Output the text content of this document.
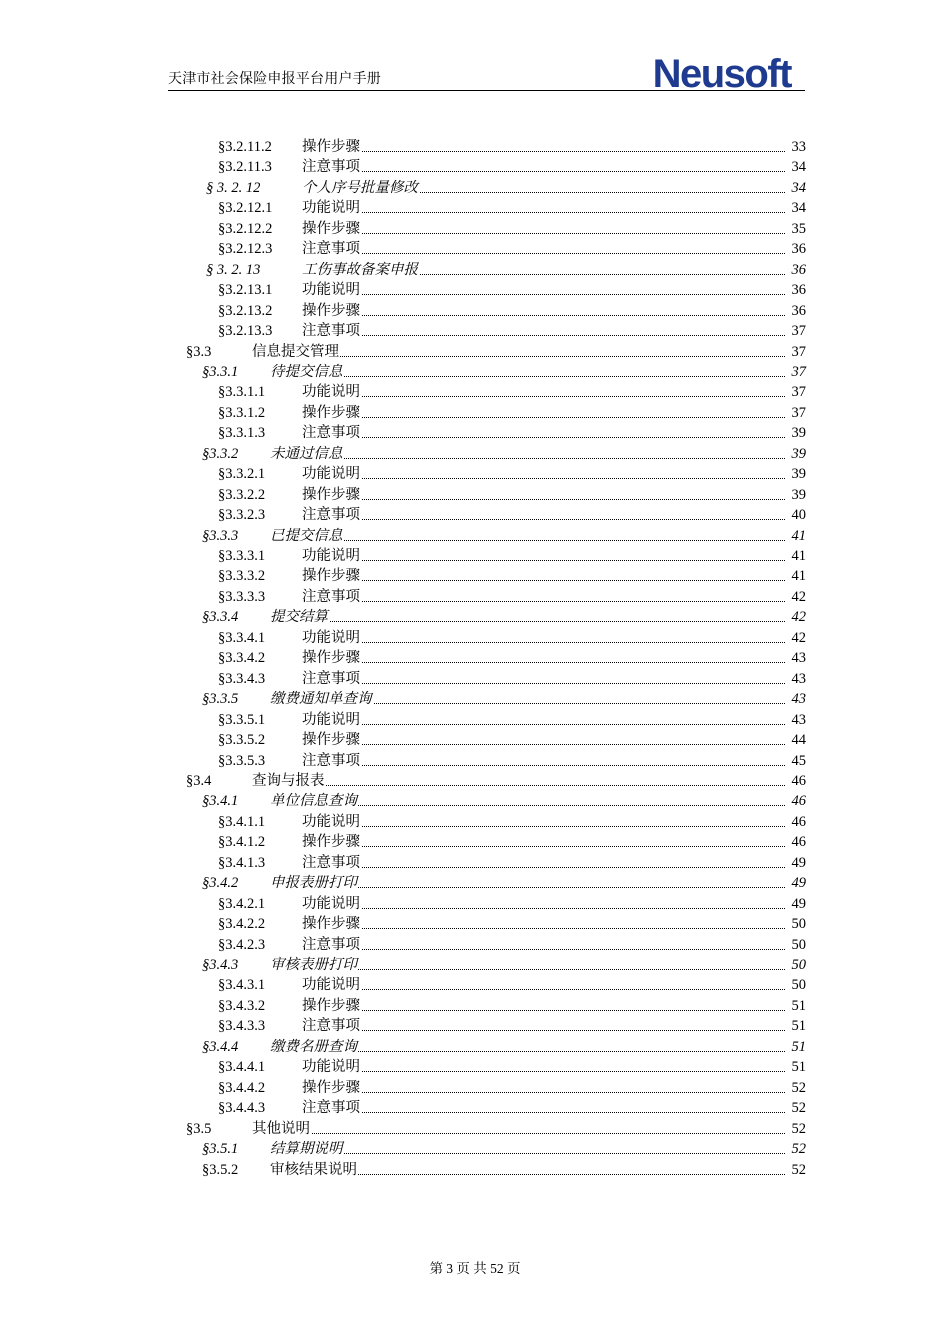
天津市社会保险申报平台用户手册	Neusoft
§3.2.11.2 操作步骤	33
§3.2.11.3 注意事项	34
§ 3. 2. 12	个人序号批量修改	34
§3.2.12.1 功能说明	34
§3.2.12.2 操作步骤	35
§3.2.12.3 注意事项	36
§ 3. 2. 13	工伤事故备案申报	36
§3.2.13.1 功能说明	36
§3.2.13.2 操作步骤	36
§3.2.13.3 注意事项	37
§3.3	信息提交管理	37
§3.3.1 待提交信息	37
§3.3.1.1	功能说明	37
§3.3.1.2	操作步骤	37
§3.3.1.3	注意事项	39
§3.3.2 未通过信息	39
§3.3.2.1	功能说明	39
§3.3.2.2	操作步骤	39
§3.3.2.3	注意事项	40
§3.3.3 已提交信息	41
§3.3.3.1	功能说明	41
§3.3.3.2	操作步骤	41
§3.3.3.3	注意事项	42
§3.3.4 提交结算	42
§3.3.4.1	功能说明	42
§3.3.4.2	操作步骤	43
§3.3.4.3	注意事项	43
§3.3.5 缴费通知单查询	43
§3.3.5.1	功能说明	43
§3.3.5.2	操作步骤	44
§3.3.5.3	注意事项	45
§3.4	查询与报表	46
§3.4.1 单位信息查询	46
§3.4.1.1	功能说明	46
§3.4.1.2	操作步骤	46
§3.4.1.3	注意事项	49
§3.4.2 申报表册打印	49
§3.4.2.1	功能说明	49
§3.4.2.2	操作步骤	50
§3.4.2.3	注意事项	50
§3.4.3 审核表册打印	50
§3.4.3.1	功能说明	50
§3.4.3.2	操作步骤	51
§3.4.3.3	注意事项	51
§3.4.4 缴费名册查询	51
§3.4.4.1	功能说明	51
§3.4.4.2	操作步骤	52
§3.4.4.3	注意事项	52
§3.5	其他说明	52
§3.5.1 结算期说明	52
§3.5.2 审核结果说明	52
第 3 页 共 52 页
